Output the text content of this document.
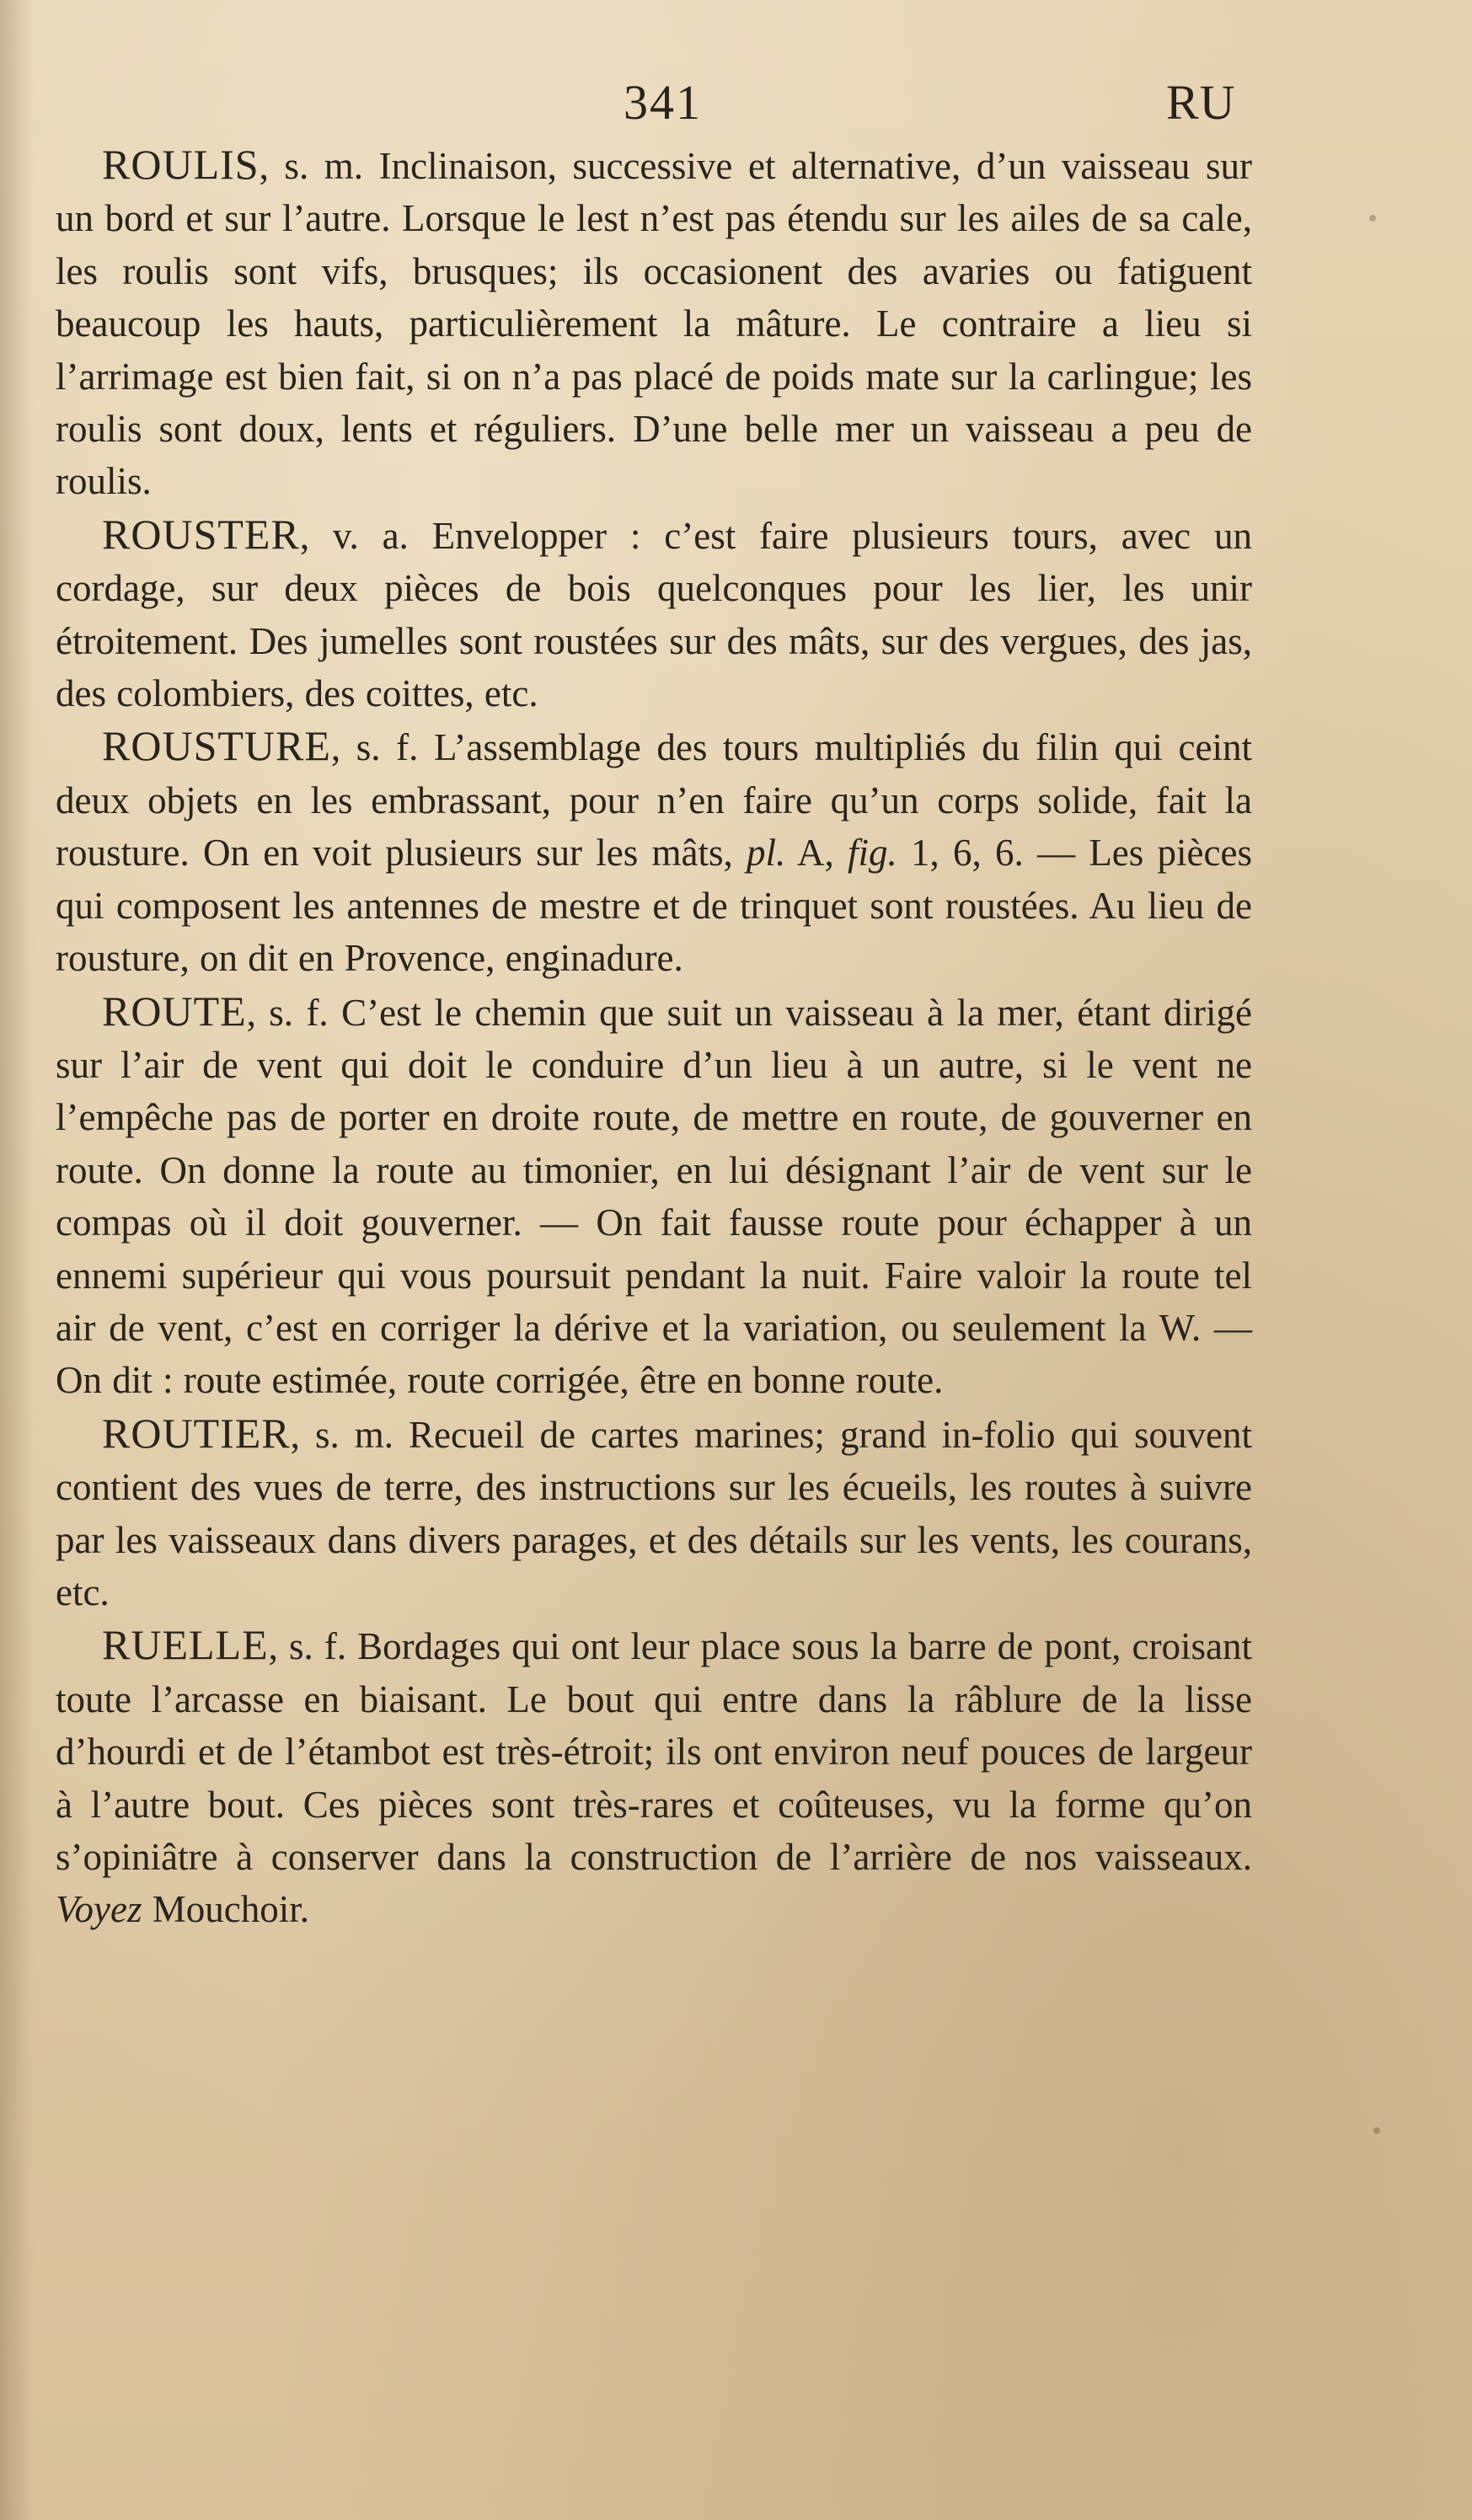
341	RU

ROULIS, s. m. Inclinaison, successive et alternative, d’un vaisseau sur un bord et sur l’autre. Lorsque le lest n’est pas étendu sur les ailes de sa cale, les roulis sont vifs, brusques; ils occasionent des avaries ou fatiguent beaucoup les hauts, particulièrement la mâture. Le contraire a lieu si l’arrimage est bien fait, si on n’a pas placé de poids mate sur la carlingue; les roulis sont doux, lents et réguliers. D’une belle mer un vaisseau a peu de roulis.

ROUSTER, v. a. Envelopper : c’est faire plusieurs tours, avec un cordage, sur deux pièces de bois quelconques pour les lier, les unir étroitement. Des jumelles sont roustées sur des mâts, sur des vergues, des jas, des colombiers, des coittes, etc.

ROUSTURE, s. f. L’assemblage des tours multipliés du filin qui ceint deux objets en les embrassant, pour n’en faire qu’un corps solide, fait la rousture. On en voit plusieurs sur les mâts, pl. A, fig. 1, 6, 6. — Les pièces qui composent les antennes de mestre et de trinquet sont roustées. Au lieu de rousture, on dit en Provence, enginadure.

ROUTE, s. f. C’est le chemin que suit un vaisseau à la mer, étant dirigé sur l’air de vent qui doit le conduire d’un lieu à un autre, si le vent ne l’empêche pas de porter en droite route, de mettre en route, de gouverner en route. On donne la route au timonier, en lui désignant l’air de vent sur le compas où il doit gouverner. — On fait fausse route pour échapper à un ennemi supérieur qui vous poursuit pendant la nuit. Faire valoir la route tel air de vent, c’est en corriger la dérive et la variation, ou seulement la W. — On dit : route estimée, route corrigée, être en bonne route.

ROUTIER, s. m. Recueil de cartes marines; grand in-folio qui souvent contient des vues de terre, des instructions sur les écueils, les routes à suivre par les vaisseaux dans divers parages, et des détails sur les vents, les courans, etc.

RUELLE, s. f. Bordages qui ont leur place sous la barre de pont, croisant toute l’arcasse en biaisant. Le bout qui entre dans la râblure de la lisse d’hourdi et de l’étambot est très-étroit; ils ont environ neuf pouces de largeur à l’autre bout. Ces pièces sont très-rares et coûteuses, vu la forme qu’on s’opiniâtre à conserver dans la construction de l’arrière de nos vaisseaux. Voyez Mouchoir.
